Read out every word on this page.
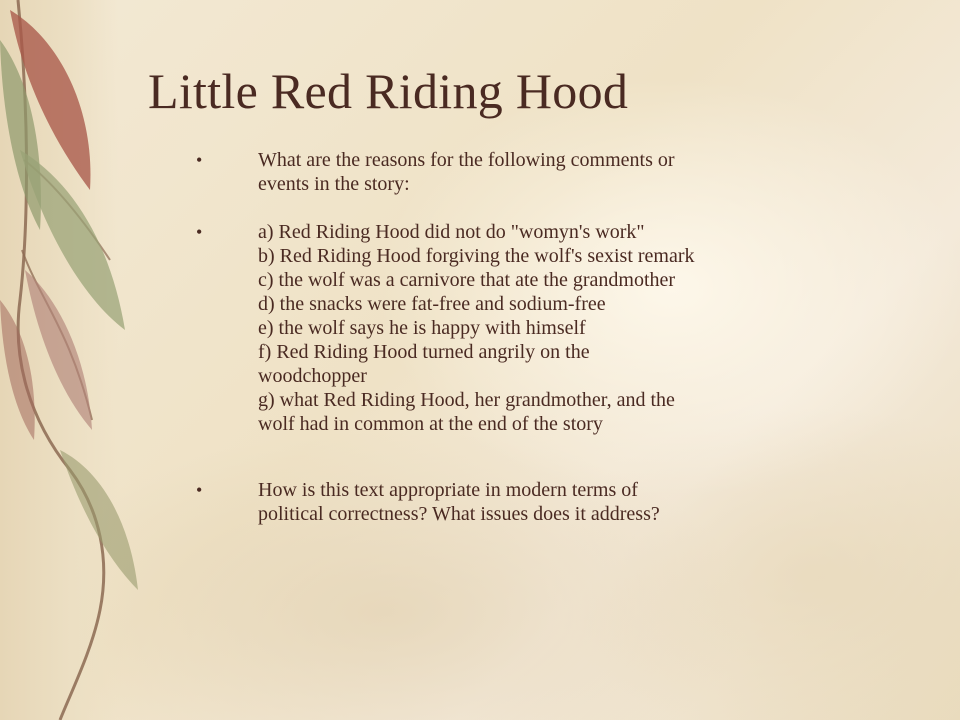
Little Red Riding Hood
•	What are the reasons for the following comments or
events in the story:
•	a) Red Riding Hood did not do "womyn's work"
b) Red Riding Hood forgiving the wolf's sexist remark
c) the wolf was a carnivore that ate the grandmother
d) the snacks were fat-free and sodium-free
e) the wolf says he is happy with himself
f) Red Riding Hood turned angrily on the
woodchopper
g) what Red Riding Hood, her grandmother, and the
wolf had in common at the end of the story
•	How is this text appropriate in modern terms of
political correctness? What issues does it address?
